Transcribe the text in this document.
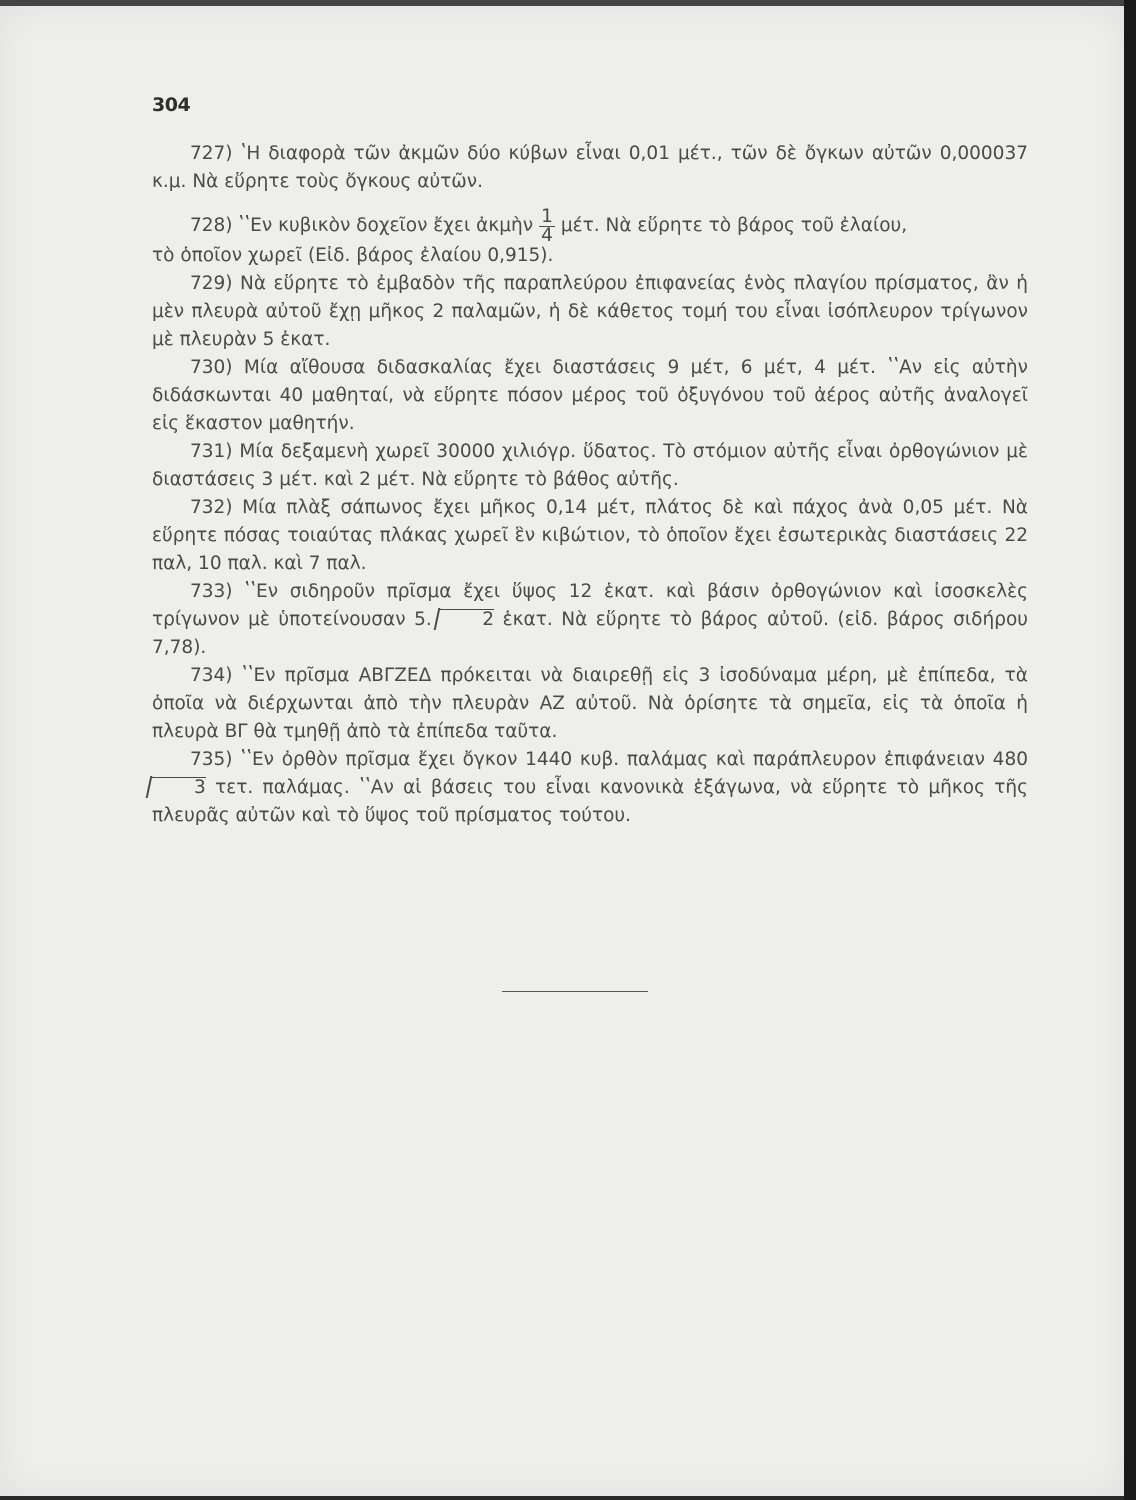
304

727) ʽΗ διαφορὰ τῶν ἀκμῶν δύο κύβων εἶναι 0,01 μέτ., τῶν δὲ ὄγκων αὐτῶν 0,000037 κ.μ. Νὰ εὕρητε τοὺς ὄγκους αὐτῶν.

728) ʽʽΕν κυβικὸν δοχεῖον ἔχει ἀκμὴν $\frac{1}{4} \mu έ\tau$. Νὰ εὕρητε τὸ βάρος τοῦ ἐλαίου,

τὸ ὁποῖον χωρεῖ (Εἰδ. βάρος ἐλαίου 0,915).

729) Νὰ εὕρητε τὸ ἐμβαδὸν τῆς παραπλεύρου ἐπιφανείας ἑνὸς πλαγίου πρίσματος, ἂν ἡ μὲν πλευρὰ αὐτοῦ ἔχῃ μῆκος 2 παλαμῶν, ἡ δὲ κάθετος τομή του εἶναι ἰσόπλευρον τρίγωνον μὲ πλευρὰν 5 ἑκατ.

730) Μία αἴθουσα διδασκαλίας ἔχει διαστάσεις 9 μέτ, 6 μέτ, 4 μέτ. ʽʽΑν εἰς αὐτὴν διδάσκωνται 40 μαθηταί, νὰ εὕρητε πόσον μέρος τοῦ ὀξυγόνου τοῦ ἀέρος αὐτῆς ἀναλογεῖ εἰς ἕκαστον μαθητήν.

731) Μία δεξαμενὴ χωρεῖ 30000 χιλιόγρ. ὕδατος. Τὸ στόμιον αὐτῆς εἶναι ὀρθογώνιον μὲ διαστάσεις 3 μέτ. καὶ 2 μέτ. Νὰ εὕρητε τὸ βάθος αὐτῆς.

732) Μία πλὰξ σάπωνος ἔχει μῆκος 0,14 μέτ, πλάτος δὲ καὶ πάχος ἀνὰ 0,05 μέτ. Νὰ εὕρητε πόσας τοιαύτας πλάκας χωρεῖ ἓν κιβώτιον, τὸ ὁποῖον ἔχει ἐσωτερικὰς διαστάσεις 22 παλ, 10 παλ. καὶ 7 παλ.

733) ʽʽΕν σιδηροῦν πρῖσμα ἔχει ὕψος 12 ἑκατ. καὶ βάσιν ὀρθογώνιον καὶ ἰσοσκελὲς τρίγωνον μὲ ὑποτείνουσαν 5.	2 ἑκατ. Νὰ εὕρητε τὸ βάρος αὐτοῦ. (εἰδ. βάρος σιδήρου 7,78).

734) ʽʽΕν πρῖσμα ΑΒΓΖΕΔ πρόκειται νὰ διαιρεθῇ εἰς 3 ἰσοδύναμα μέρη, μὲ ἐπίπεδα, τὰ ὁποῖα νὰ διέρχωνται ἀπὸ τὴν πλευρὰν ΑΖ αὐτοῦ. Νὰ ὁρίσητε τὰ σημεῖα, εἰς τὰ ὁποῖα ἡ πλευρὰ ΒΓ θὰ τμηθῇ ἀπὸ τὰ ἐπίπεδα ταῦτα.

735) ʽʽΕν ὀρθὸν πρῖσμα ἔχει ὄγκον 1440 κυβ. παλάμας καὶ παράπλευρον ἐπιφάνειαν 480 3 τετ. παλάμας. ʽʽΑν αἱ βάσεις του εἶναι κανονικὰ ἑξάγωνα, νὰ εὕρητε τὸ μῆκος τῆς πλευρᾶς αὐτῶν καὶ τὸ ὕψος τοῦ πρίσματος τούτου.
